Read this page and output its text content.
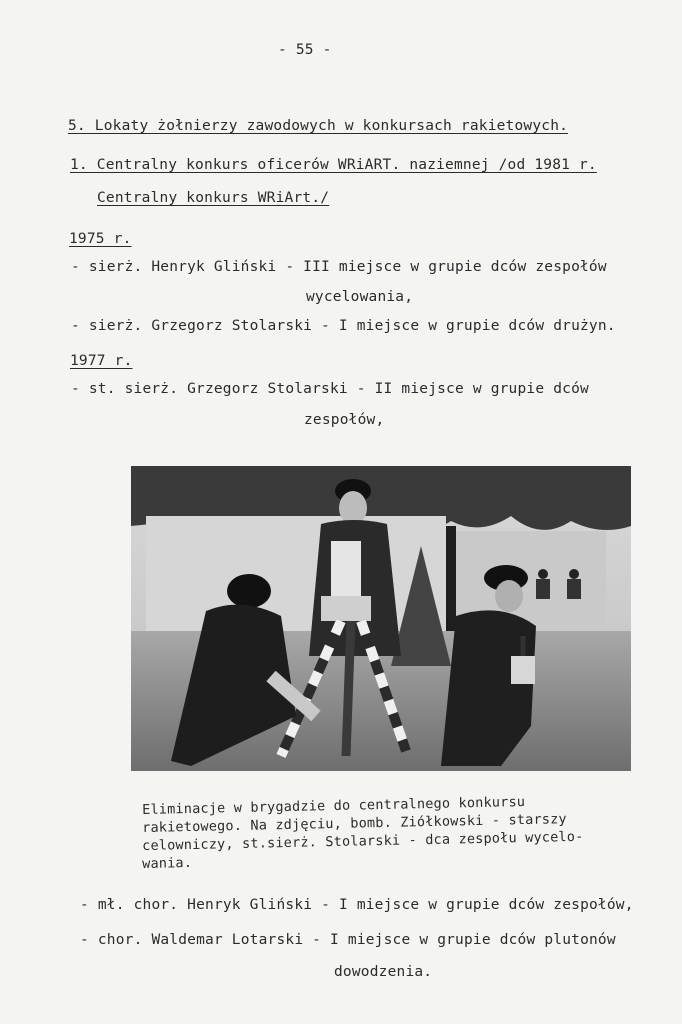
- 55 -
5. Lokaty żołnierzy zawodowych w konkursach rakietowych.
1. Centralny konkurs oficerów WRiART. naziemnej /od 1981 r.
Centralny konkurs WRiArt./
1975 r.
- sierż. Henryk Gliński - III miejsce w grupie dców zespołów
wycelowania,
- sierż. Grzegorz Stolarski - I miejsce w grupie dców drużyn.
1977 r.
- st. sierż. Grzegorz Stolarski - II miejsce w grupie dców
zespołów,
Eliminacje w brygadzie do centralnego konkursu
rakietowego. Na zdjęciu, bomb. Ziółkowski - starszy
celowniczy, st.sierż. Stolarski - dca zespołu wycelo-
wania.
- mł. chor. Henryk Gliński - I miejsce w grupie dców zespołów,
- chor. Waldemar Lotarski - I miejsce w grupie dców plutonów
dowodzenia.
